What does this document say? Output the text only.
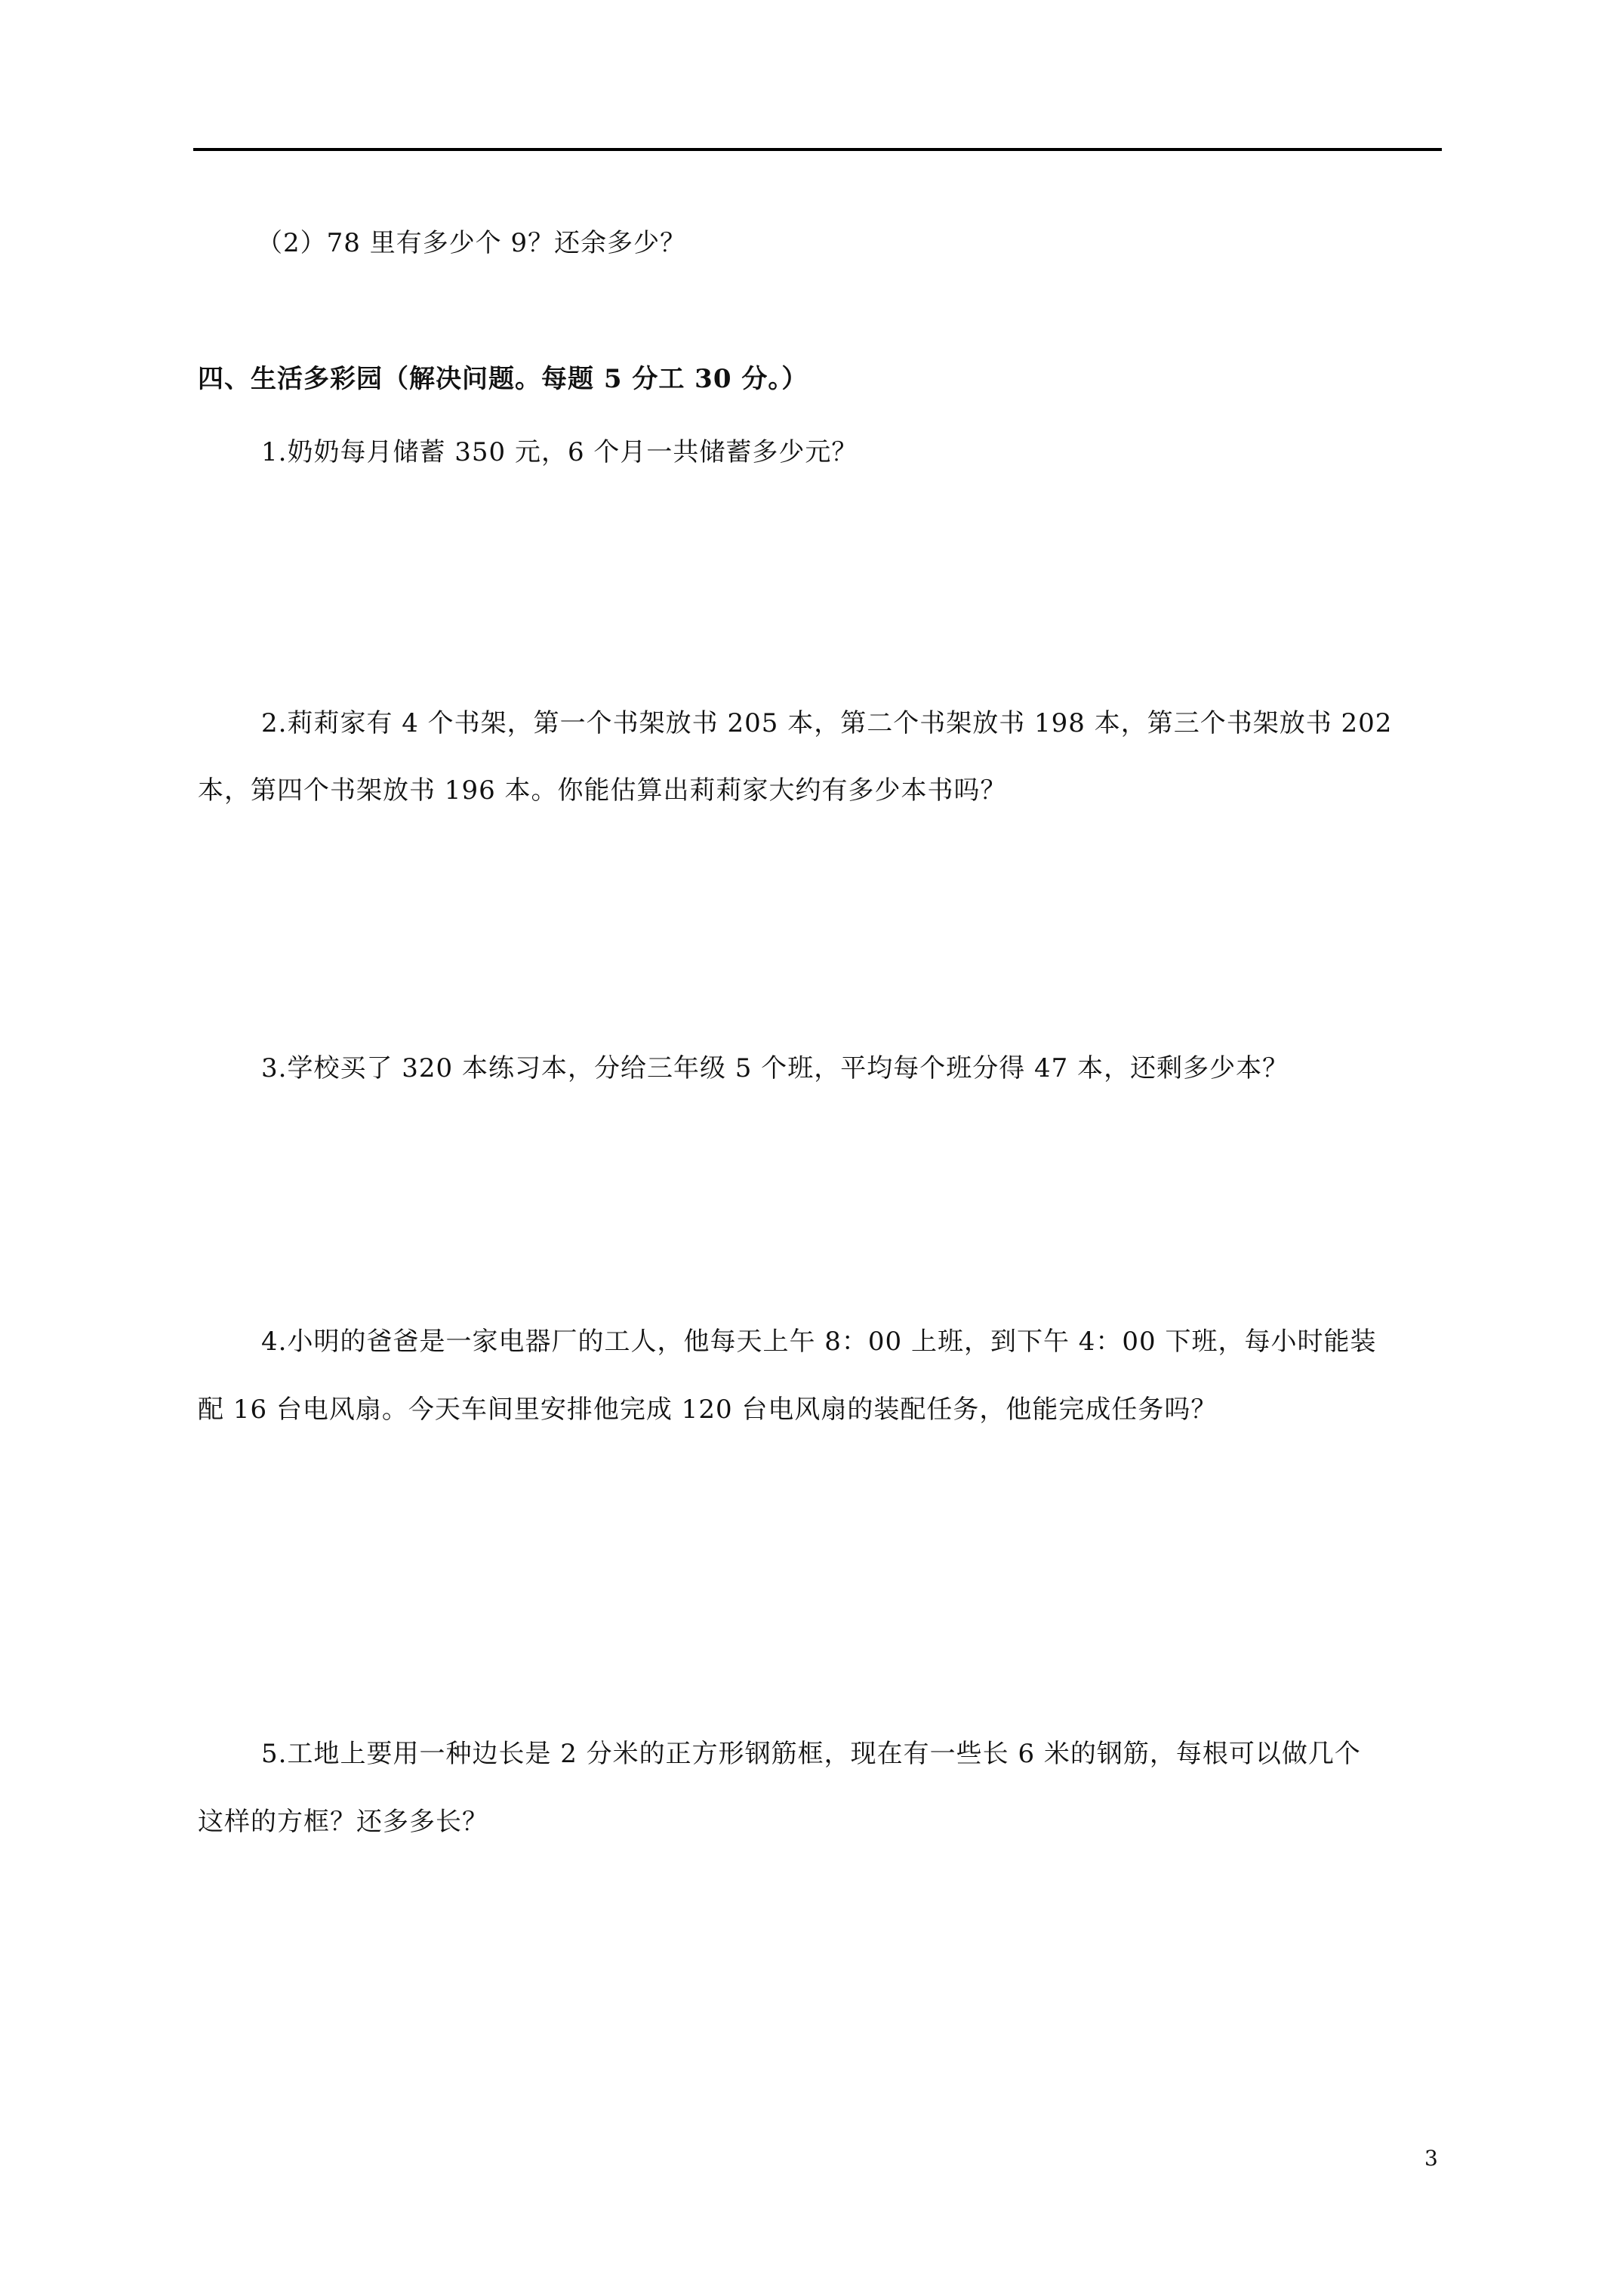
（2）78 里有多少个 9？还余多少？
四、生活多彩园（解决问题。每题 5 分工 30 分。）
1.奶奶每月储蓄 350 元，6 个月一共储蓄多少元？
2.莉莉家有 4 个书架，第一个书架放书 205 本，第二个书架放书 198 本，第三个书架放书 202
本，第四个书架放书 196 本。你能估算出莉莉家大约有多少本书吗？
3.学校买了 320 本练习本，分给三年级 5 个班，平均每个班分得 47 本，还剩多少本？
4.小明的爸爸是一家电器厂的工人，他每天上午 8：00 上班，到下午 4：00 下班，每小时能装
配 16 台电风扇。今天车间里安排他完成 120 台电风扇的装配任务，他能完成任务吗？
5.工地上要用一种边长是 2 分米的正方形钢筋框，现在有一些长 6 米的钢筋，每根可以做几个
这样的方框？还多多长？
3
